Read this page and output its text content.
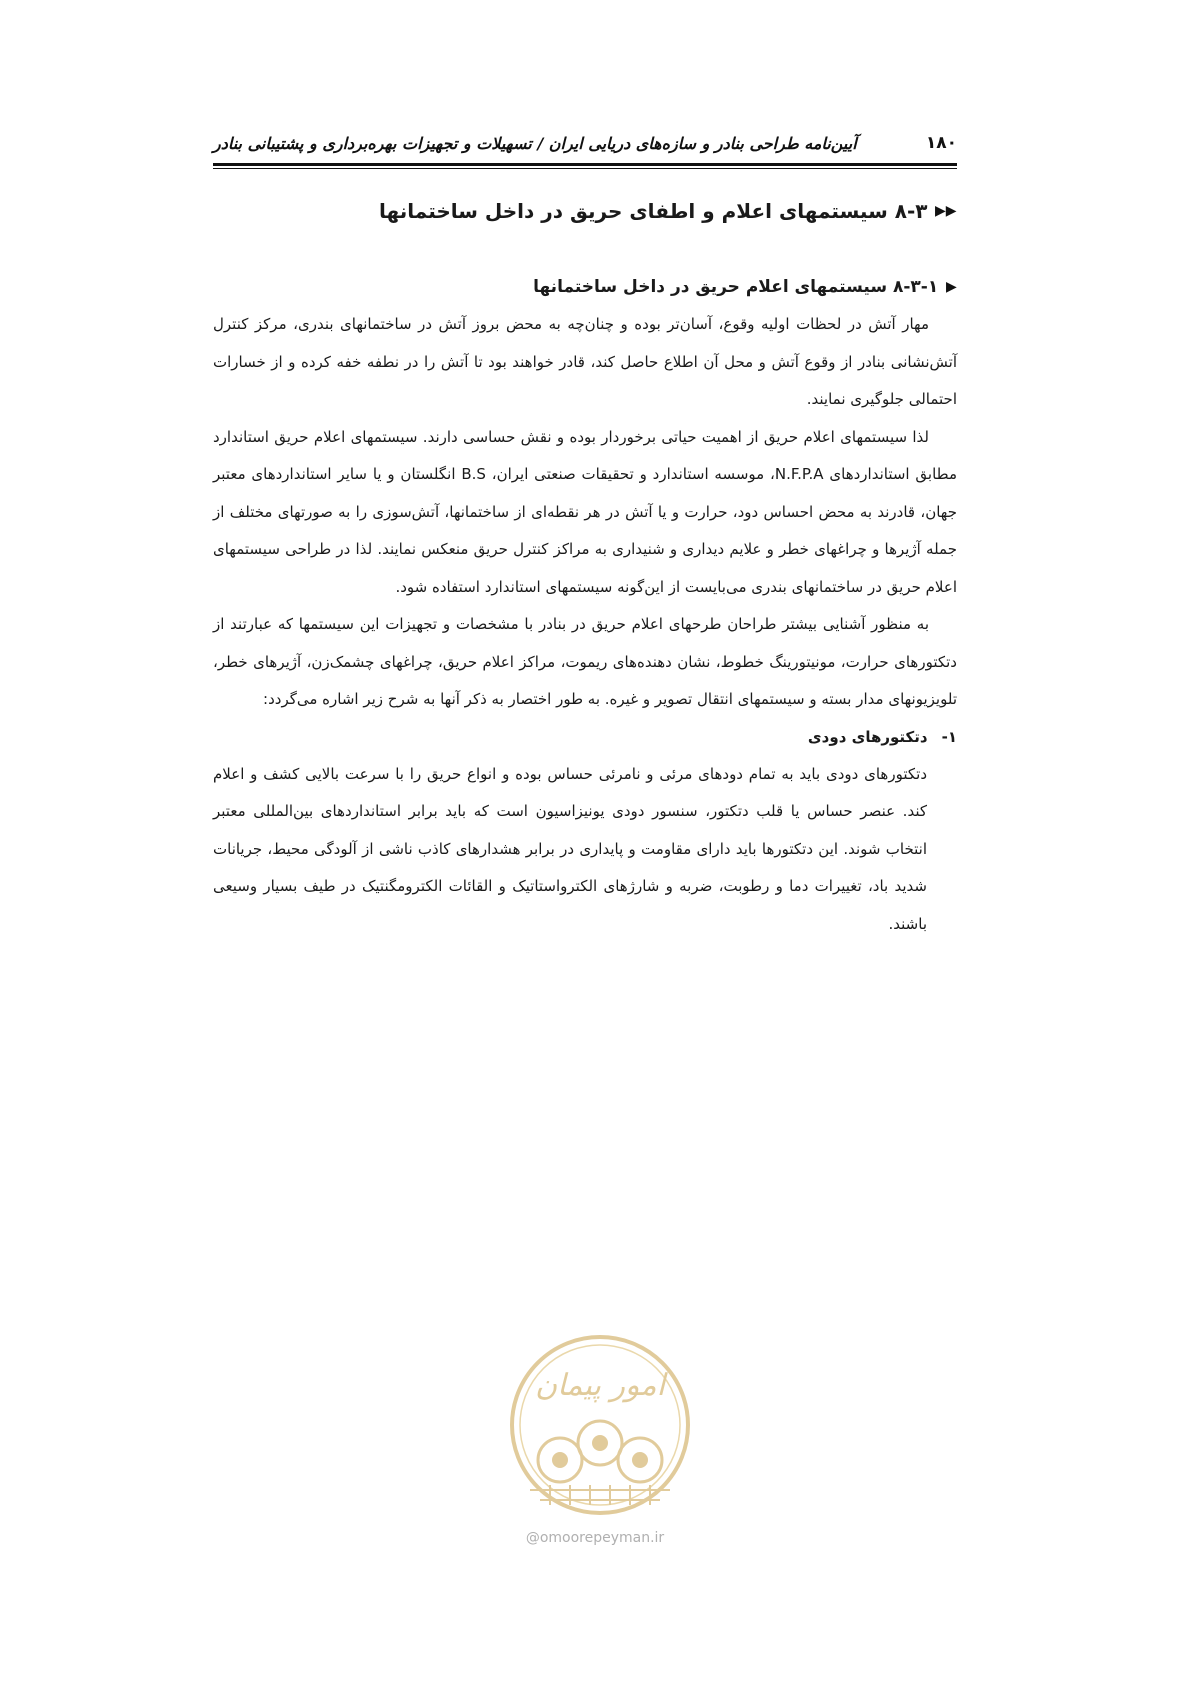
۱۸۰
آیین‌نامه طراحی بنادر و سازه‌های دریایی ایران / تسهیلات و تجهیزات بهره‌برداری و پشتیبانی بنادر
◀◀
۸-۳ سیستمهای اعلام و اطفای حریق در داخل ساختمانها
◀
۸-۳-۱ سیستمهای اعلام حریق در داخل ساختمانها

مهار آتش در لحظات اولیه وقوع، آسان‌تر بوده و چنان‌چه به محض بروز آتش در ساختمانهای بندری، مرکز کنترل آتش‌نشانی بنادر از وقوع آتش و محل آن اطلاع حاصل کند، قادر خواهند بود تا آتش را در نطفه خفه کرده و از خسارات احتمالی جلوگیری نمایند.

لذا سیستمهای اعلام حریق از اهمیت حیاتی برخوردار بوده و نقش حساسی دارند. سیستمهای اعلام حریق استاندارد مطابق استانداردهای N.F.P.A، موسسه استاندارد و تحقیقات صنعتی ایران، B.S انگلستان و یا سایر استانداردهای معتبر جهان، قادرند به محض احساس دود، حرارت و یا آتش در هر نقطه‌ای از ساختمانها، آتش‌سوزی را به صورتهای مختلف از جمله آژیرها و چراغهای خطر و علایم دیداری و شنیداری به مراکز کنترل حریق منعکس نمایند. لذا در طراحی سیستمهای اعلام حریق در ساختمانهای بندری می‌بایست از این‌گونه سیستمهای استاندارد استفاده شود.

به منظور آشنایی بیشتر طراحان طرحهای اعلام حریق در بنادر با مشخصات و تجهیزات این سیستمها که عبارتند از دتکتورهای حرارت، مونیتورینگ خطوط، نشان دهنده‌های ریموت، مراکز اعلام حریق، چراغهای چشمک‌زن، آژیرهای خطر، تلویزیونهای مدار بسته و سیستمهای انتقال تصویر و غیره. به طور اختصار به ذکر آنها به شرح زیر اشاره می‌گردد:

۱-
دتکتورهای دودی

دتکتورهای دودی باید به تمام دودهای مرئی و نامرئی حساس بوده و انواع حریق را با سرعت بالایی کشف و اعلام کند. عنصر حساس یا قلب دتکتور، سنسور دودی یونیزاسیون است که باید برابر استانداردهای بین‌المللی معتبر انتخاب شوند. این دتکتورها باید دارای مقاومت و پایداری در برابر هشدارهای کاذب ناشی از آلودگی محیط، جریانات شدید باد، تغییرات دما و رطوبت، ضربه و شارژهای الکترواستاتیک و القائات الکترومگنتیک در طیف بسیار وسیعی باشند.

امور پیمان
@omoorepeyman.ir
